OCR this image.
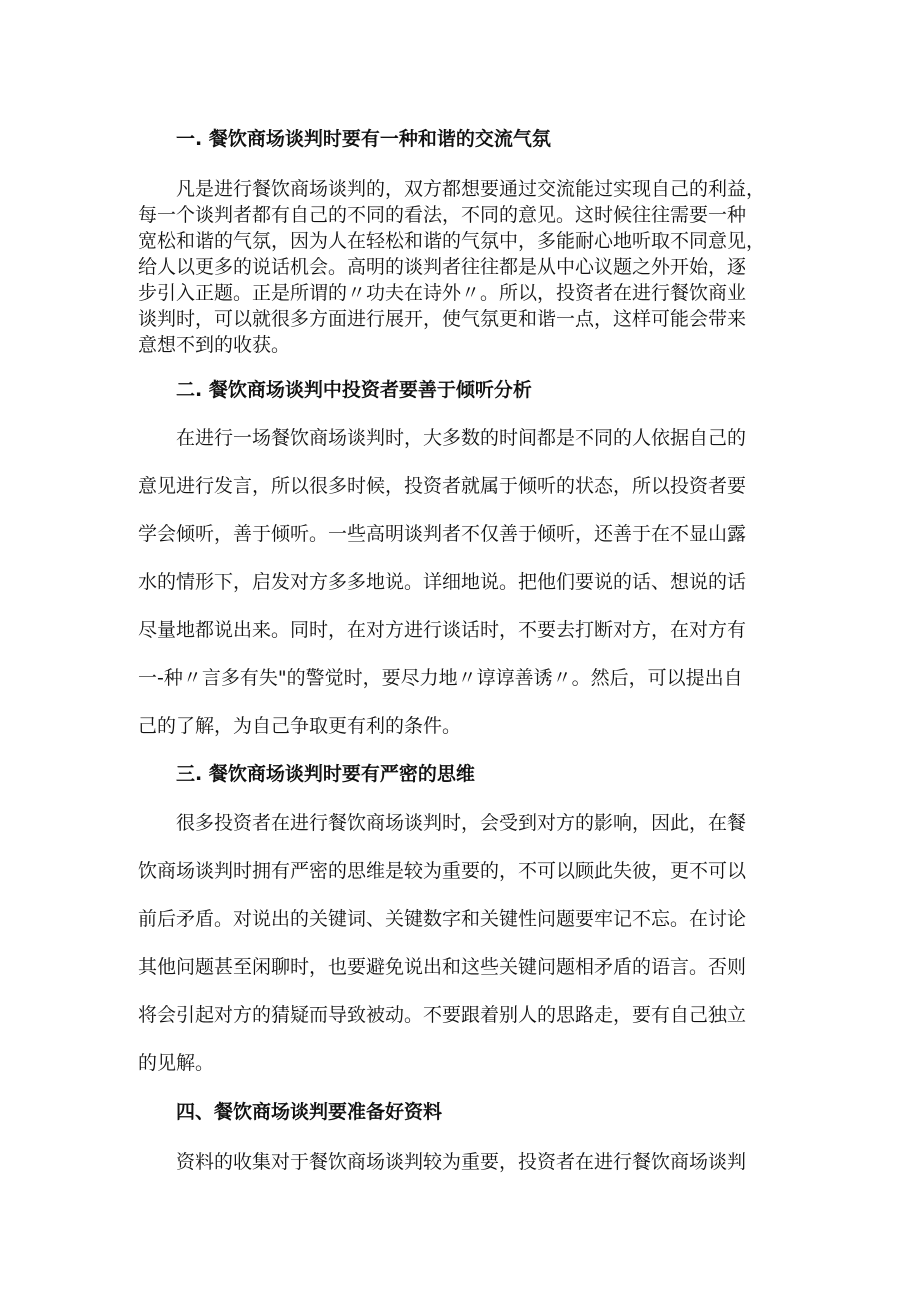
一. 餐饮商场谈判时要有一种和谐的交流气氛
凡是进行餐饮商场谈判的，双方都想要通过交流能过实现自己的利益，
每一个谈判者都有自己的不同的看法，不同的意见。这时候往往需要一种
宽松和谐的气氛，因为人在轻松和谐的气氛中，多能耐心地听取不同意见，
给人以更多的说话机会。高明的谈判者往往都是从中心议题之外开始，逐
步引入正题。正是所谓的〃功夫在诗外〃。所以，投资者在进行餐饮商业
谈判时，可以就很多方面进行展开，使气氛更和谐一点，这样可能会带来
意想不到的收获。
二. 餐饮商场谈判中投资者要善于倾听分析
在进行一场餐饮商场谈判时，大多数的时间都是不同的人依据自己的
意见进行发言，所以很多时候，投资者就属于倾听的状态，所以投资者要
学会倾听，善于倾听。一些高明谈判者不仅善于倾听，还善于在不显山露
水的情形下，启发对方多多地说。详细地说。把他们要说的话、想说的话
尽量地都说出来。同时，在对方进行谈话时，不要去打断对方，在对方有
一-种〃言多有失"的警觉时，要尽力地〃谆谆善诱〃。然后，可以提出自
己的了解，为自己争取更有利的条件。
三. 餐饮商场谈判时要有严密的思维
很多投资者在进行餐饮商场谈判时，会受到对方的影响，因此，在餐
饮商场谈判时拥有严密的思维是较为重要的，不可以顾此失彼，更不可以
前后矛盾。对说出的关键词、关键数字和关键性问题要牢记不忘。在讨论
其他问题甚至闲聊时，也要避免说出和这些关键问题相矛盾的语言。否则
将会引起对方的猜疑而导致被动。不要跟着别人的思路走，要有自己独立
的见解。
四、餐饮商场谈判要准备好资料
资料的收集对于餐饮商场谈判较为重要，投资者在进行餐饮商场谈判
